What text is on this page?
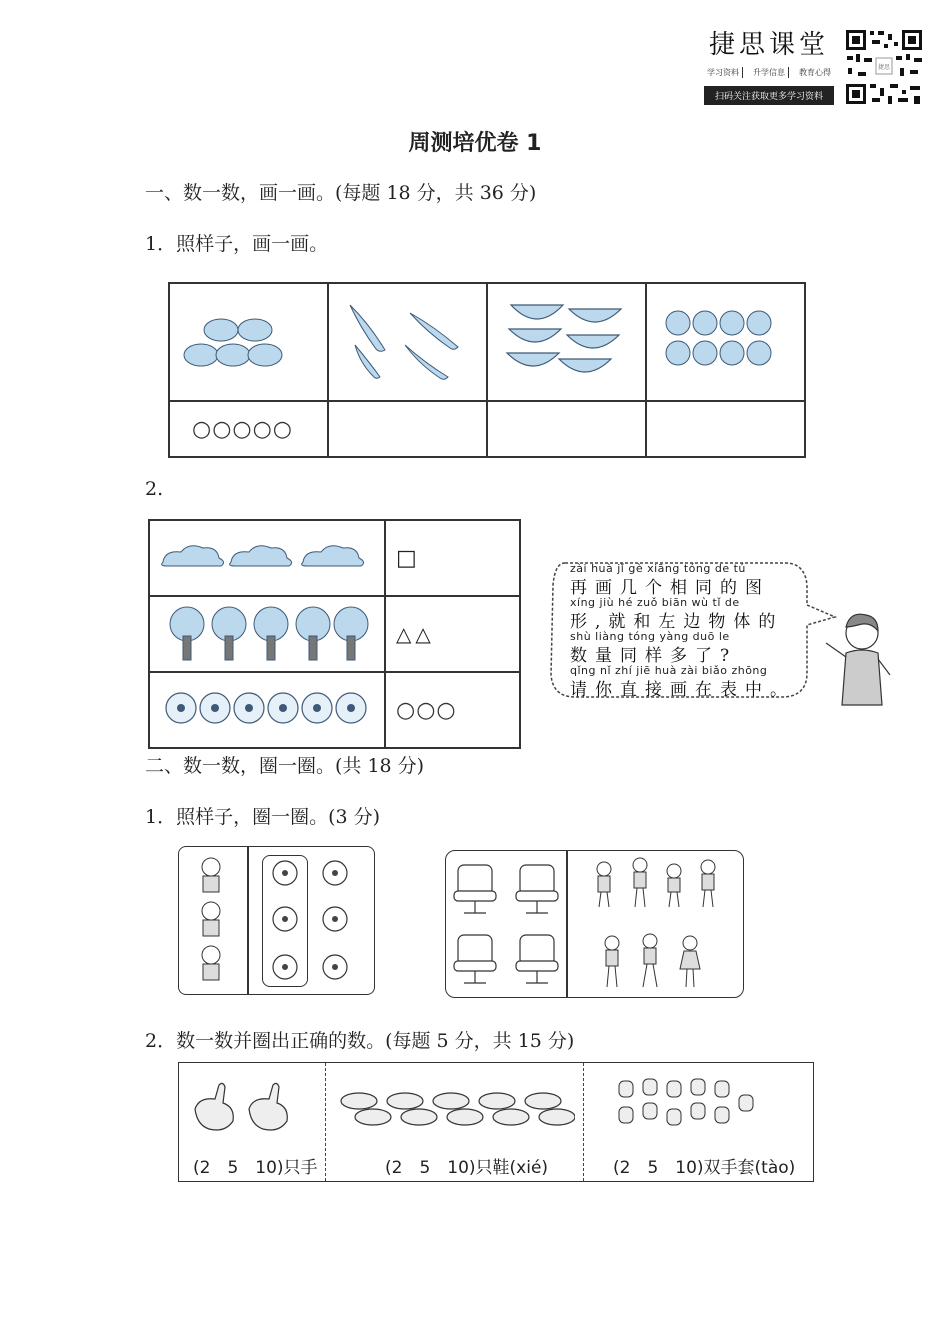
捷思课堂
学习资料	升学信息	教育心得
扫码关注获取更多学习资料
捷思
周测培优卷 1
一、数一数，画一画。(每题 18 分，共 36 分)
1．照样子，画一画。

○○○○○			
2.
	□
	△△
	○○○
zài huà jǐ gè xiāng tóng de tú
再画几个相同的图
xíng jiù hé zuǒ biān wù tǐ de
形,就和左边物体的
shù liàng tóng yàng duō le
数量同样多了?
qǐng nǐ zhí jiē huà zài biǎo zhōng
请你直接画在表中。
二、数一数，圈一圈。(共 18 分)
1．照样子，圈一圈。(3 分)
2．数一数并圈出正确的数。(每题 5 分，共 15 分)
(2　5　10)只手	(2　5　10)只鞋(xié)	(2　5　10)双手套(tào)
